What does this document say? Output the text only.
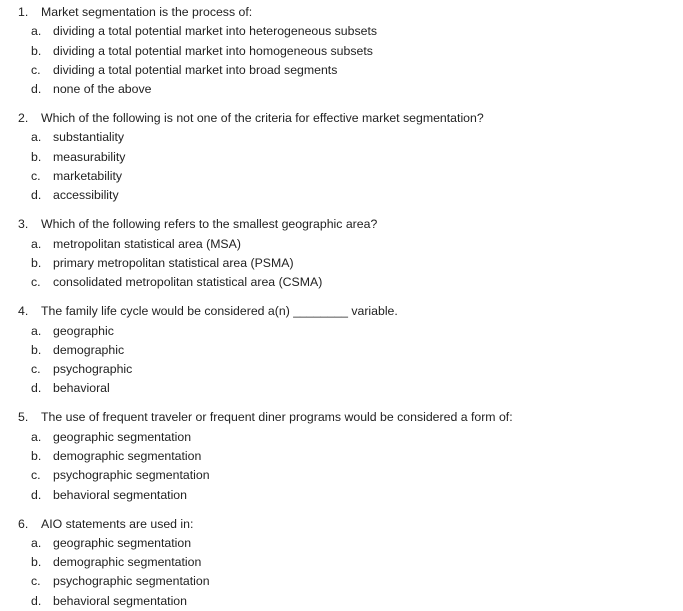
1. Market segmentation is the process of:
a. dividing a total potential market into heterogeneous subsets
b. dividing a total potential market into homogeneous subsets
c. dividing a total potential market into broad segments
d. none of the above
2. Which of the following is not one of the criteria for effective market segmentation?
a. substantiality
b. measurability
c. marketability
d. accessibility
3. Which of the following refers to the smallest geographic area?
a. metropolitan statistical area (MSA)
b. primary metropolitan statistical area (PSMA)
c. consolidated metropolitan statistical area (CSMA)
4. The family life cycle would be considered a(n) ________ variable.
a. geographic
b. demographic
c. psychographic
d. behavioral
5. The use of frequent traveler or frequent diner programs would be considered a form of:
a. geographic segmentation
b. demographic segmentation
c. psychographic segmentation
d. behavioral segmentation
6. AIO statements are used in:
a. geographic segmentation
b. demographic segmentation
c. psychographic segmentation
d. behavioral segmentation
